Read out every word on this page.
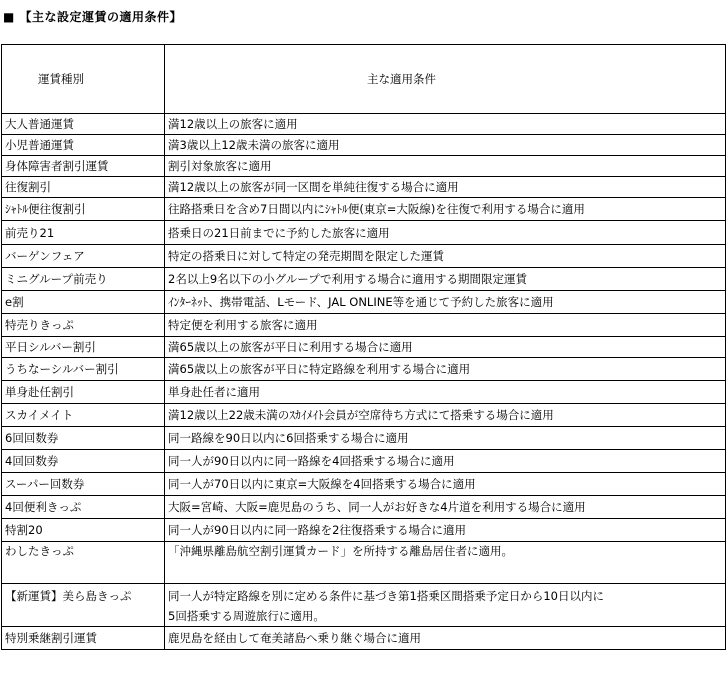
■ 【主な設定運賃の適用条件】
運賃種別	主な適用条件
大人普通運賃	満12歳以上の旅客に適用
小児普通運賃	満3歳以上12歳未満の旅客に適用
身体障害者割引運賃	割引対象旅客に適用
往復割引	満12歳以上の旅客が同一区間を単純往復する場合に適用
ｼｬﾄﾙ便往復割引	往路搭乗日を含め7日間以内にｼｬﾄﾙ便(東京=大阪線)を往復で利用する場合に適用
前売り21	搭乗日の21日前までに予約した旅客に適用
バーゲンフェア	特定の搭乗日に対して特定の発売期間を限定した運賃
ミニグループ前売り	2名以上9名以下の小グループで利用する場合に適用する期間限定運賃
e割	ｲﾝﾀｰﾈｯﾄ、携帯電話、Lモード、JAL ONLINE等を通じて予約した旅客に適用
特売りきっぷ	特定便を利用する旅客に適用
平日シルバー割引	満65歳以上の旅客が平日に利用する場合に適用
うちなーシルバー割引	満65歳以上の旅客が平日に特定路線を利用する場合に適用
単身赴任割引	単身赴任者に適用
スカイメイト	満12歳以上22歳未満のｽｶｲﾒｲﾄ会員が空席待ち方式にて搭乗する場合に適用
6回回数券	同一路線を90日以内に6回搭乗する場合に適用
4回回数券	同一人が90日以内に同一路線を4回搭乗する場合に適用
スーパー回数券	同一人が70日以内に東京=大阪線を4回搭乗する場合に適用
4回便利きっぷ	大阪=宮崎、大阪=鹿児島のうち、同一人がお好きな4片道を利用する場合に適用
特割20	同一人が90日以内に同一路線を2往復搭乗する場合に適用
わしたきっぷ	「沖縄県離島航空割引運賃カード」を所持する離島居住者に適用。
【新運賃】美ら島きっぷ	同一人が特定路線を別に定める条件に基づき第1搭乗区間搭乗予定日から10日以内に
5回搭乗する周遊旅行に適用。

特別乗継割引運賃	鹿児島を経由して奄美諸島へ乗り継ぐ場合に適用
